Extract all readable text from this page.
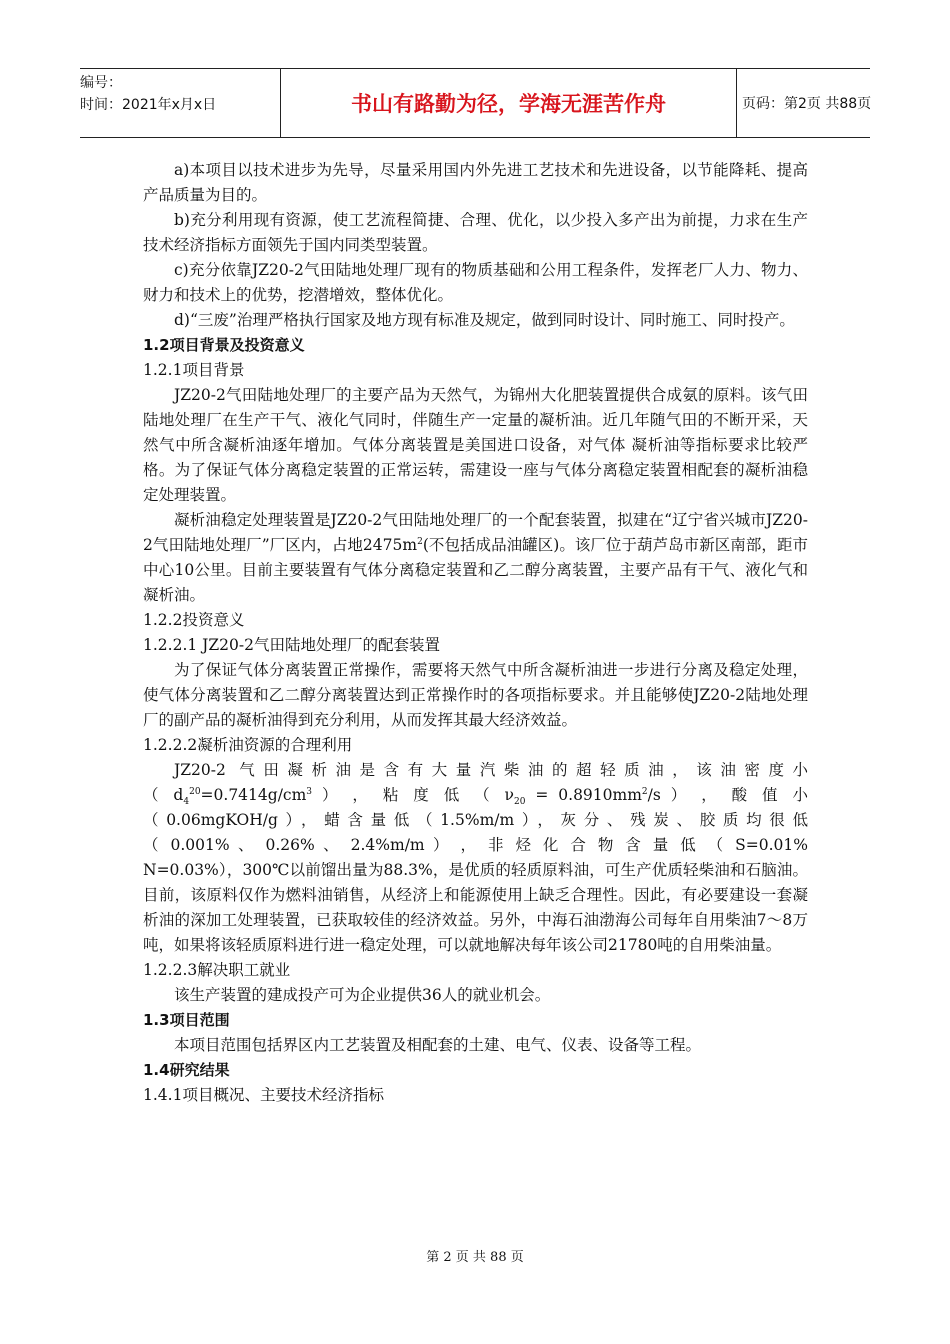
编号：
时间：2021年x月x日	书山有路勤为径，学海无涯苦作舟	页码：第2页 共88页

a)本项目以技术进步为先导，尽量采用国内外先进工艺技术和先进设备，以节能降耗、提高产品质量为目的。

b)充分利用现有资源，使工艺流程简捷、合理、优化，以少投入多产出为前提，力求在生产技术经济指标方面领先于国内同类型装置。

c)充分依靠JZ20-2气田陆地处理厂现有的物质基础和公用工程条件，发挥老厂人力、物力、财力和技术上的优势，挖潜增效，整体优化。

d)“三废”治理严格执行国家及地方现有标准及规定，做到同时设计、同时施工、同时投产。

1.2项目背景及投资意义

1.2.1项目背景

JZ20-2气田陆地处理厂的主要产品为天然气，为锦州大化肥装置提供合成氨的原料。该气田陆地处理厂在生产干气、液化气同时，伴随生产一定量的凝析油。近几年随气田的不断开采，天然气中所含凝析油逐年增加。气体分离装置是美国进口设备，对气体 凝析油等指标要求比较严格。为了保证气体分离稳定装置的正常运转，需建设一座与气体分离稳定装置相配套的凝析油稳定处理装置。

凝析油稳定处理装置是JZ20-2气田陆地处理厂的一个配套装置，拟建在“辽宁省兴城市JZ20-2气田陆地处理厂”厂区内，占地$2475m^2$(不包括成品油罐区)。该厂位于葫芦岛市新区南部，距市中心10公里。目前主要装置有气体分离稳定装置和乙二醇分离装置，主要产品有干气、液化气和凝析油。

1.2.2投资意义

1.2.2.1 JZ20-2气田陆地处理厂的配套装置

为了保证气体分离装置正常操作，需要将天然气中所含凝析油进一步进行分离及稳定处理，使气体分离装置和乙二醇分离装置达到正常操作时的各项指标要求。并且能够使JZ20-2陆地处理厂的副产品的凝析油得到充分利用，从而发挥其最大经济效益。

1.2.2.2凝析油资源的合理利用

JZ20-2 气田凝析油是含有大量汽柴油的超轻质油，该油密度小

（ $d_4^{20}=0.7414g/cm^3$ ） ， 粘 度 低 （ $\nu_{20} = 0.8910mm^2/s$ ） ， 酸 值 小

（0.06mgKOH/g），蜡含量低（1.5%m/m），灰分、残炭、胶质均很低

（ 0.001% 、 0.26% 、 2.4%m/m ） ， 非 烃 化 合 物 含 量 低 （ S=0.01%

N=0.03%），300℃以前馏出量为88.3%，是优质的轻质原料油，可生产优质轻柴油和石脑油。目前，该原料仅作为燃料油销售，从经济上和能源使用上缺乏合理性。因此，有必要建设一套凝析油的深加工处理装置，已获取较佳的经济效益。另外，中海石油渤海公司每年自用柴油7～8万吨，如果将该轻质原料进行进一稳定处理，可以就地解决每年该公司21780吨的自用柴油量。

1.2.2.3解决职工就业

该生产装置的建成投产可为企业提供36人的就业机会。

1.3项目范围

本项目范围包括界区内工艺装置及相配套的土建、电气、仪表、设备等工程。

1.4研究结果

1.4.1项目概况、主要技术经济指标

第 2 页 共 88 页
